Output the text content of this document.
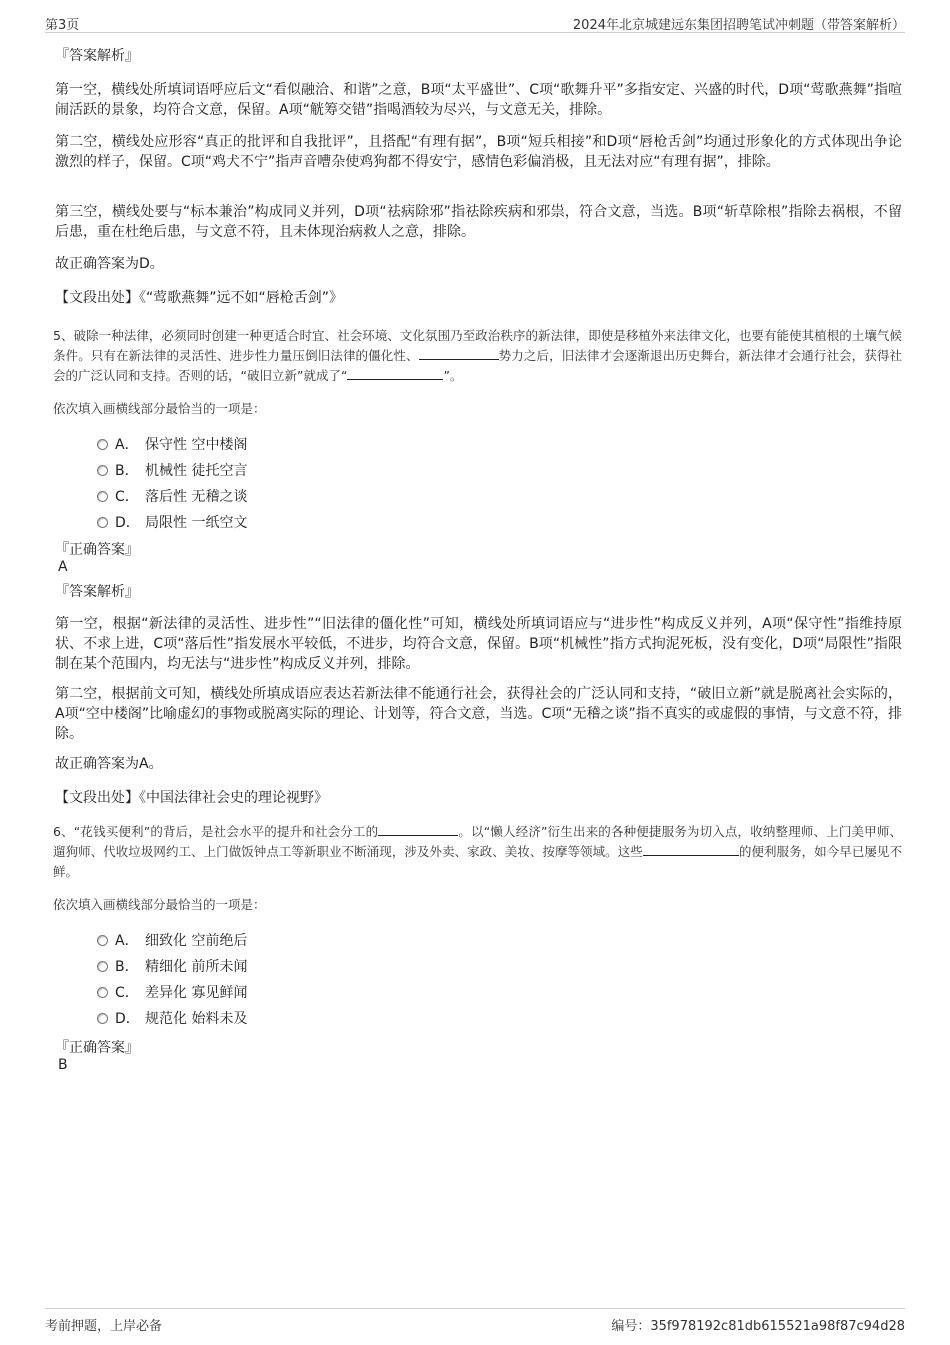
第3页	2024年北京城建远东集团招聘笔试冲刺题（带答案解析）

『答案解析』

第一空，横线处所填词语呼应后文“看似融洽、和谐”之意，B项“太平盛世”、C项“歌舞升平”多指安定、兴盛的时代，D项“莺歌燕舞”指喧闹活跃的景象，均符合文意，保留。A项“觥筹交错”指喝酒较为尽兴，与文意无关，排除。

第二空，横线处应形容“真正的批评和自我批评”，且搭配“有理有据”，B项“短兵相接”和D项“唇枪舌剑”均通过形象化的方式体现出争论激烈的样子，保留。C项“鸡犬不宁”指声音嘈杂使鸡狗都不得安宁，感情色彩偏消极，且无法对应“有理有据”，排除。

第三空，横线处要与“标本兼治”构成同义并列，D项“祛病除邪”指祛除疾病和邪祟，符合文意，当选。B项“斩草除根”指除去祸根，不留后患，重在杜绝后患，与文意不符，且未体现治病救人之意，排除。

故正确答案为D。

【文段出处】《“莺歌燕舞”远不如“唇枪舌剑”》

5、破除一种法律，必须同时创建一种更适合时宜、社会环境、文化氛围乃至政治秩序的新法律，即使是移植外来法律文化，也要有能使其植根的土壤气候条件。只有在新法律的灵活性、进步性力量压倒旧法律的僵化性、	势力之后，旧法律才会逐渐退出历史舞台，新法律才会通行社会，获得社会的广泛认同和支持。否则的话，“破旧立新”就成了“	”。

依次填入画横线部分最恰当的一项是：

A． 保守性 空中楼阁
B． 机械性 徒托空言
C． 落后性 无稽之谈
D． 局限性 一纸空文

『正确答案』

A

『答案解析』

第一空，根据“新法律的灵活性、进步性”“旧法律的僵化性”可知，横线处所填词语应与“进步性”构成反义并列，A项“保守性”指维持原状、不求上进，C项“落后性”指发展水平较低，不进步，均符合文意，保留。B项“机械性”指方式拘泥死板，没有变化，D项“局限性”指限制在某个范围内，均无法与“进步性”构成反义并列，排除。

第二空，根据前文可知，横线处所填成语应表达若新法律不能通行社会，获得社会的广泛认同和支持，“破旧立新”就是脱离社会实际的，A项“空中楼阁”比喻虚幻的事物或脱离实际的理论、计划等，符合文意，当选。C项“无稽之谈”指不真实的或虚假的事情，与文意不符，排除。

故正确答案为A。

【文段出处】《中国法律社会史的理论视野》

6、“花钱买便利”的背后，是社会水平的提升和社会分工的	。以“懒人经济”衍生出来的各种便捷服务为切入点，收纳整理师、上门美甲师、遛狗师、代收垃圾网约工、上门做饭钟点工等新职业不断涌现，涉及外卖、家政、美妆、按摩等领域。这些	的便利服务，如今早已屡见不鲜。

依次填入画横线部分最恰当的一项是：

A． 细致化 空前绝后
B． 精细化 前所未闻
C． 差异化 寡见鲜闻
D． 规范化 始料未及

『正确答案』

B

考前押题，上岸必备	编号：35f978192c81db615521a98f87c94d28
